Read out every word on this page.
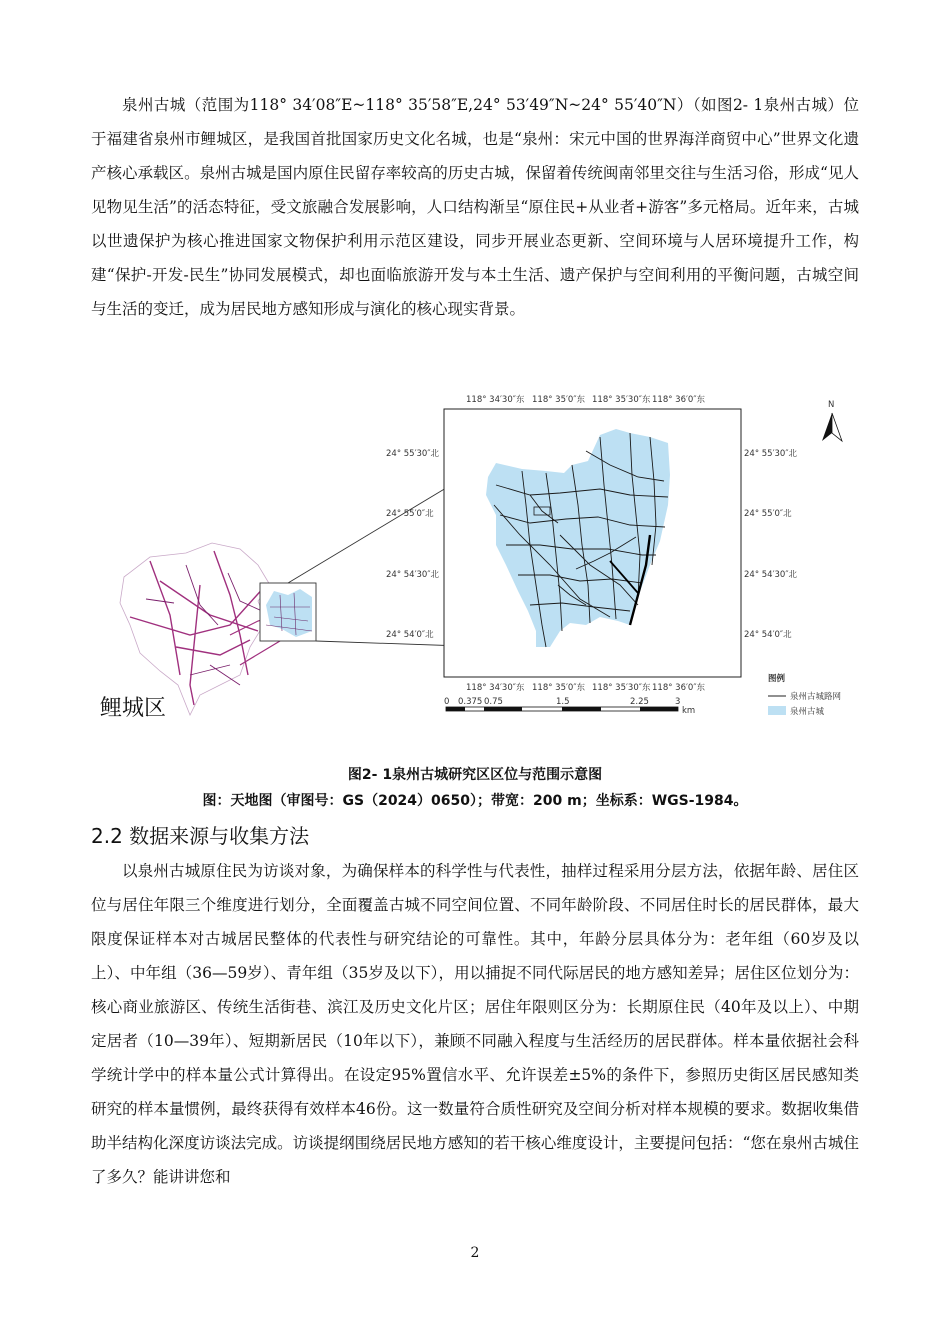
泉州古城（范围为118° 34′08″E~118° 35′58″E,24° 53′49″N~24° 55′40″N）（如图2- 1泉州古城）位于福建省泉州市鲤城区，是我国首批国家历史文化名城，也是“泉州：宋元中国的世界海洋商贸中心”世界文化遗产核心承载区。泉州古城是国内原住民留存率较高的历史古城，保留着传统闽南邻里交往与生活习俗，形成“见人见物见生活”的活态特征，受文旅融合发展影响，人口结构渐呈“原住民+从业者+游客”多元格局。近年来，古城以世遗保护为核心推进国家文物保护利用示范区建设，同步开展业态更新、空间环境与人居环境提升工作，构建“保护-开发-民生”协同发展模式，却也面临旅游开发与本土生活、遗产保护与空间利用的平衡问题，古城空间与生活的变迁，成为居民地方感知形成与演化的核心现实背景。

鲤城区
118° 34′30″东 118° 35′0″东 118° 35′30″东 118° 36′0″东
118° 34′30″东 118° 35′0″东 118° 35′30″东 118° 36′0″东
24° 55′30″北
24° 55′0″北
24° 54′30″北
24° 54′0″北
24° 55′30″北
24° 55′0″北
24° 54′30″北
24° 54′0″北
0 0.375 0.75	1.5	2.25	3
km
N
图例
泉州古城路网
泉州古城
图2- 1泉州古城研究区区位与范围示意图
图：天地图（审图号：GS（2024）0650）；带宽：200 m；坐标系：WGS-1984。
2.2 数据来源与收集方法

以泉州古城原住民为访谈对象，为确保样本的科学性与代表性，抽样过程采用分层方法，依据年龄、居住区位与居住年限三个维度进行划分，全面覆盖古城不同空间位置、不同年龄阶段、不同居住时长的居民群体，最大限度保证样本对古城居民整体的代表性与研究结论的可靠性。其中，年龄分层具体分为：老年组（60岁及以上）、中年组（36—59岁）、青年组（35岁及以下），用以捕捉不同代际居民的地方感知差异；居住区位划分为：核心商业旅游区、传统生活街巷、滨江及历史文化片区；居住年限则区分为：长期原住民（40年及以上）、中期定居者（10—39年）、短期新居民（10年以下），兼顾不同融入程度与生活经历的居民群体。样本量依据社会科学统计学中的样本量公式计算得出。在设定95%置信水平、允许误差±5%的条件下，参照历史街区居民感知类研究的样本量惯例，最终获得有效样本46份。这一数量符合质性研究及空间分析对样本规模的要求。数据收集借助半结构化深度访谈法完成。访谈提纲围绕居民地方感知的若干核心维度设计，主要提问包括：“您在泉州古城住了多久？能讲讲您和

2
